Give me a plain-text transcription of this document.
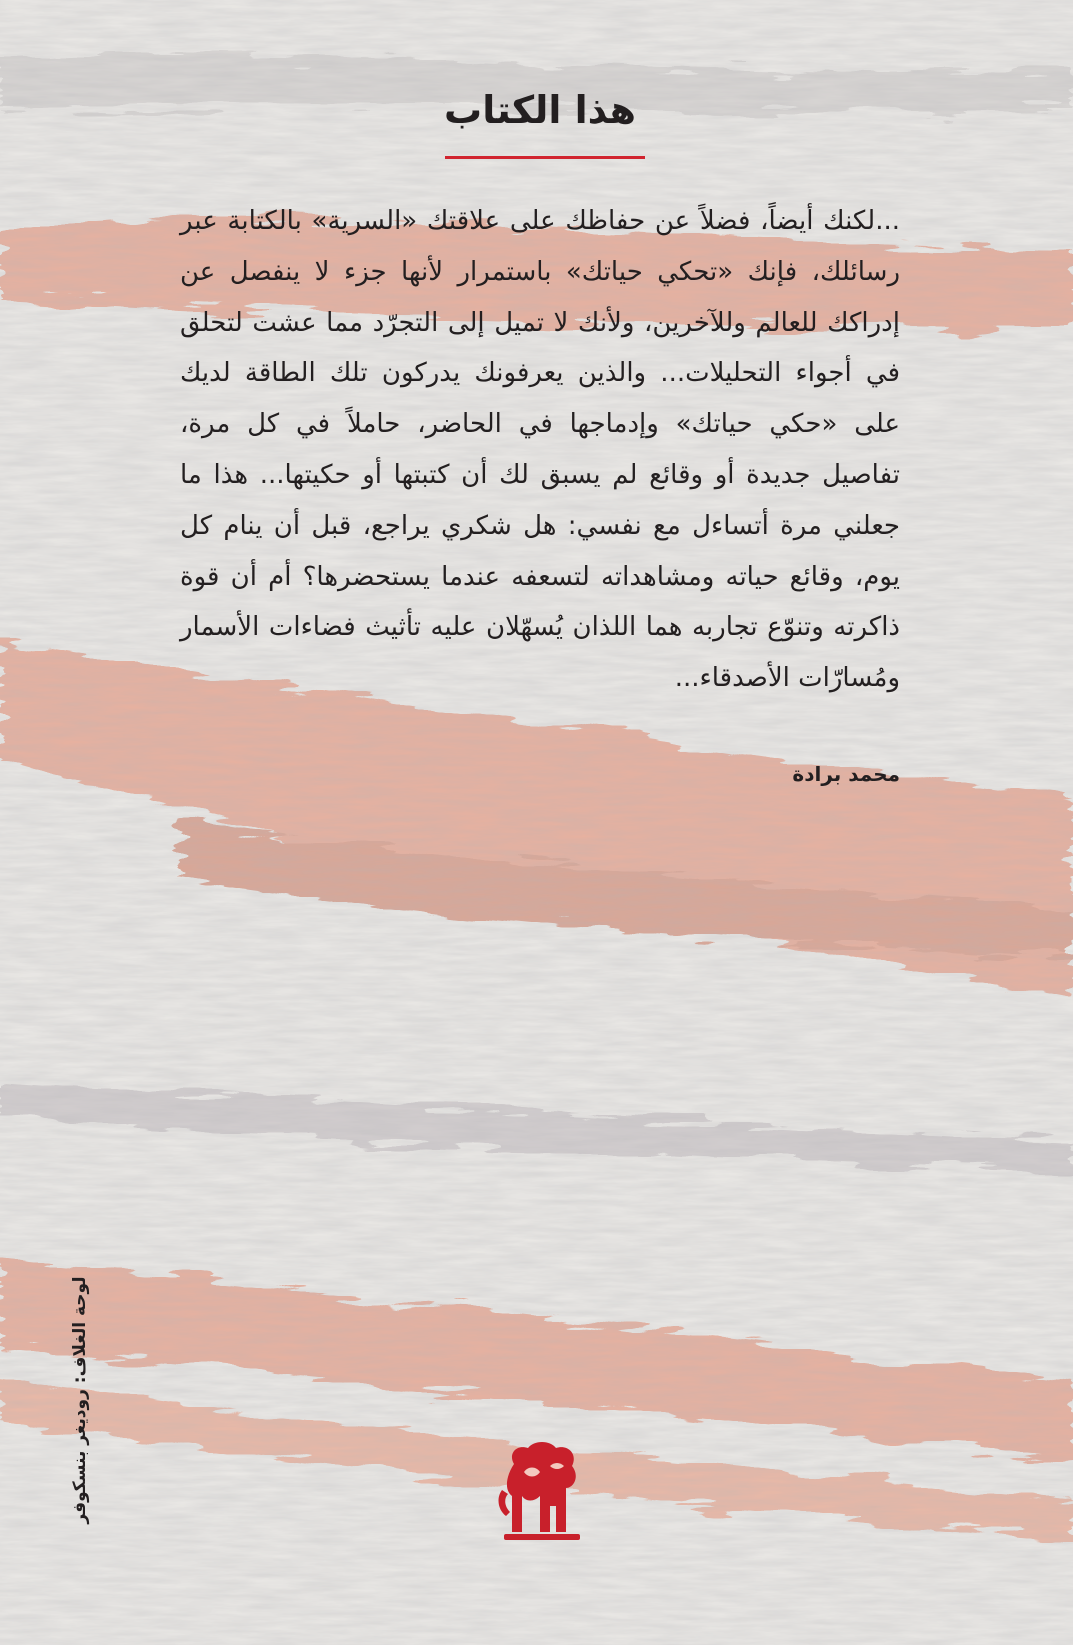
هذا الكتاب
...لكنك أيضاً، فضلاً عن حفاظك على علاقتك «السرية» بالكتابة عبر رسائلك، فإنك «تحكي حياتك» باستمرار لأنها جزء لا ينفصل عن إدراكك للعالم وللآخرين، ولأنك لا تميل إلى التجرّد مما عشت لتحلق في أجواء التحليلات... والذين يعرفونك يدركون تلك الطاقة لديك على «حكي حياتك» وإدماجها في الحاضر، حاملاً في كل مرة، تفاصيل جديدة أو وقائع لم يسبق لك أن كتبتها أو حكيتها... هذا ما جعلني مرة أتساءل مع نفسي: هل شكري يراجع، قبل أن ينام كل يوم، وقائع حياته ومشاهداته لتسعفه عندما يستحضرها؟ أم أن قوة ذاكرته وتنوّع تجاربه هما اللذان يُسهّلان عليه تأثيث فضاءات الأسمار ومُسارّات الأصدقاء...
محمد برادة
لوحة الغلاف: روديغر بنسكوفر
